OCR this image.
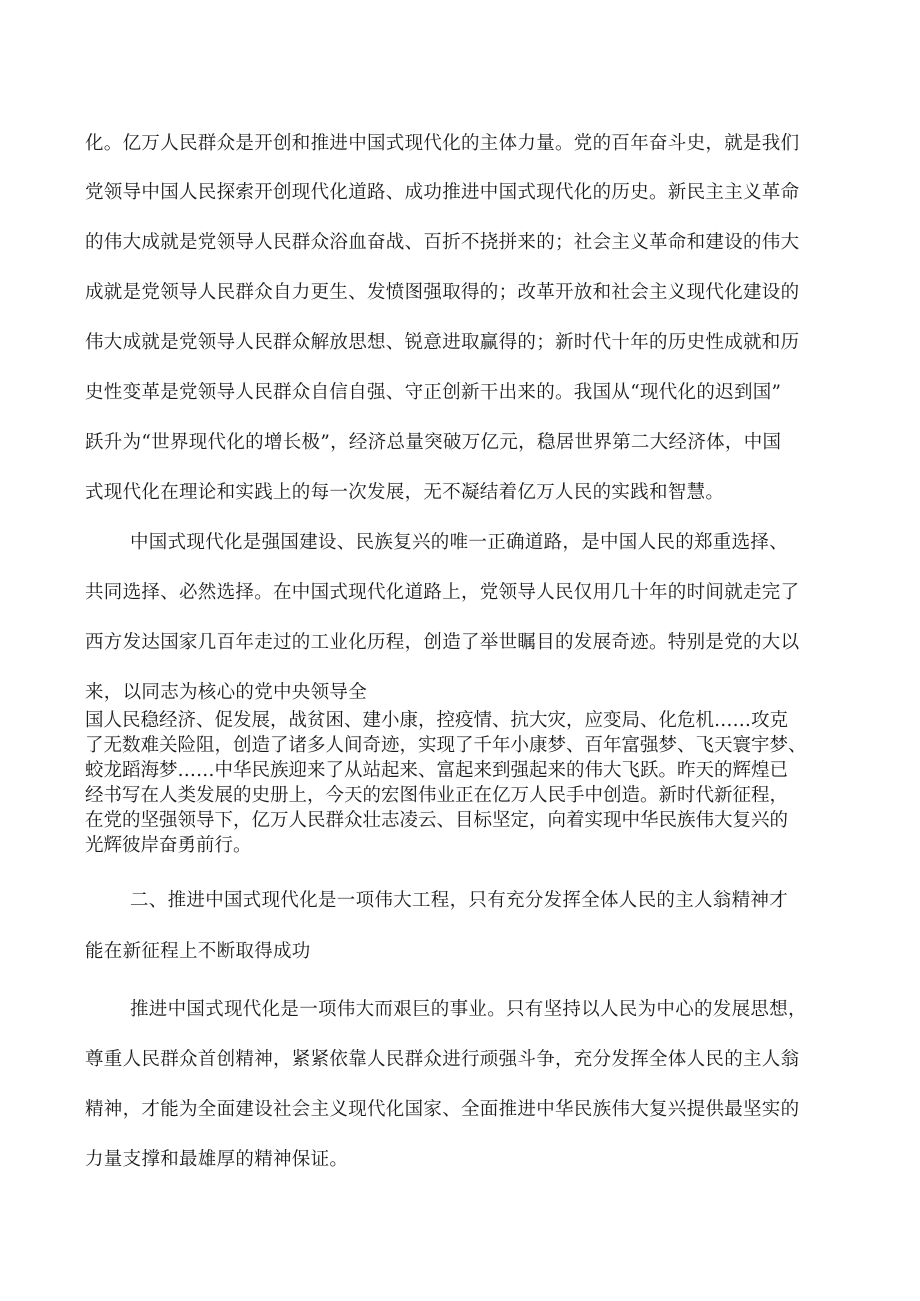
化。亿万人民群众是开创和推进中国式现代化的主体力量。党的百年奋斗史，就是我们
党领导中国人民探索开创现代化道路、成功推进中国式现代化的历史。新民主主义革命
的伟大成就是党领导人民群众浴血奋战、百折不挠拼来的；社会主义革命和建设的伟大
成就是党领导人民群众自力更生、发愤图强取得的；改革开放和社会主义现代化建设的
伟大成就是党领导人民群众解放思想、锐意进取赢得的；新时代十年的历史性成就和历
史性变革是党领导人民群众自信自强、守正创新干出来的。我国从“现代化的迟到国”
跃升为“世界现代化的增长极”，经济总量突破万亿元，稳居世界第二大经济体，中国
式现代化在理论和实践上的每一次发展，无不凝结着亿万人民的实践和智慧。
中国式现代化是强国建设、民族复兴的唯一正确道路，是中国人民的郑重选择、
共同选择、必然选择。在中国式现代化道路上，党领导人民仅用几十年的时间就走完了
西方发达国家几百年走过的工业化历程，创造了举世瞩目的发展奇迹。特别是党的大以
来，以同志为核心的党中央领导全
国人民稳经济、促发展，战贫困、建小康，控疫情、抗大灾，应变局、化危机……攻克
了无数难关险阻，创造了诸多人间奇迹，实现了千年小康梦、百年富强梦、飞天寰宇梦、
蛟龙蹈海梦……中华民族迎来了从站起来、富起来到强起来的伟大飞跃。昨天的辉煌已
经书写在人类发展的史册上，今天的宏图伟业正在亿万人民手中创造。新时代新征程，
在党的坚强领导下，亿万人民群众壮志凌云、目标坚定，向着实现中华民族伟大复兴的
光辉彼岸奋勇前行。
二、推进中国式现代化是一项伟大工程，只有充分发挥全体人民的主人翁精神才
能在新征程上不断取得成功
推进中国式现代化是一项伟大而艰巨的事业。只有坚持以人民为中心的发展思想，
尊重人民群众首创精神，紧紧依靠人民群众进行顽强斗争，充分发挥全体人民的主人翁
精神，才能为全面建设社会主义现代化国家、全面推进中华民族伟大复兴提供最坚实的
力量支撑和最雄厚的精神保证。
